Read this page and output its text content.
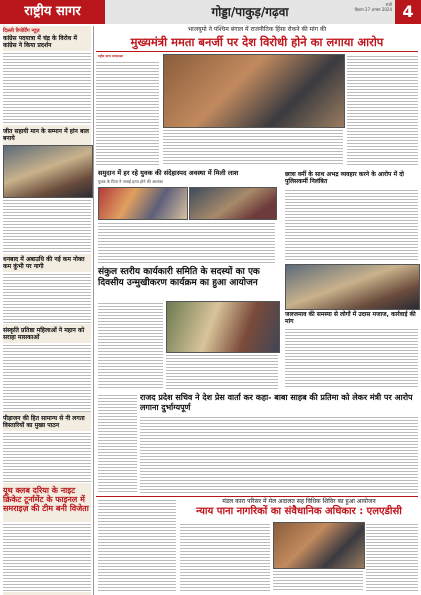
राष्ट्रीय सागर	गोड्डा/पाकुड़/गढ़वा
रांची
बिज्ञान 27 अगस्त 2024 4
दिल्ली रिपोर्टिंग न्यूज़
कांग्रेस पदयात्रा में चंद्र के विरोध में कांग्रेस ने किया प्रदर्शन
जीत सहायी मान के सम्मान में हांन बाल बनाये
धनबाद में अबाउधि की नई कम नोक्त कम कुंभी पर नागी
संस्कृति प्रतिष्ठा महिलाओं ने महान को सराहा मासकाओं
पीड़ाजन की हित सामान्य से नी लगता विस्तारियों का मुख्य पाठन
यूथ क्लब दरिया के नाइट क्रिकेट टूर्नामेंट के फाइनल में समराइज़ की टीम बनी विजेता
भाजयुमो ने पश्चिम बंगाल में राजनीतिक हिंसा रोकने की मांग की
मुख्यमंत्री ममता बनर्जी पर देश विरोधी होने का लगाया आरोप
राष्ट्रीय सागर संवाददाता
समुदान में हर रहे युवक की संदेहास्पद अवस्था में मिली लाश
युवक के पिता ने जताई हत्या होने की आशंका
छात्रा वर्मी के साथ अभद्र व्यवहार करने के आरोप में दो पुलिसकर्मी निलंबित
संकुल स्तरीय कार्यकारी समिति के सदस्यों का एक दिवसीय उन्मुखीकरण कार्यक्रम का हुआ आयोजन
जलजमाव की समस्या से लोगों में उदास मजाज, कार्रवाई की मांग
राजद प्रदेश सचिव ने देश प्रेस वार्ता कर कहा- बाबा साहब की प्रतिमा को लेकर मंत्री पर आरोप लगाना दुर्भाग्यपूर्ण
मंडल कारा परिसर में मेल अदालत सह विधिक शिविर का हुआ आयोजन
न्याय पाना नागरिकों का संवैधानिक अधिकार : एलएडीसी
